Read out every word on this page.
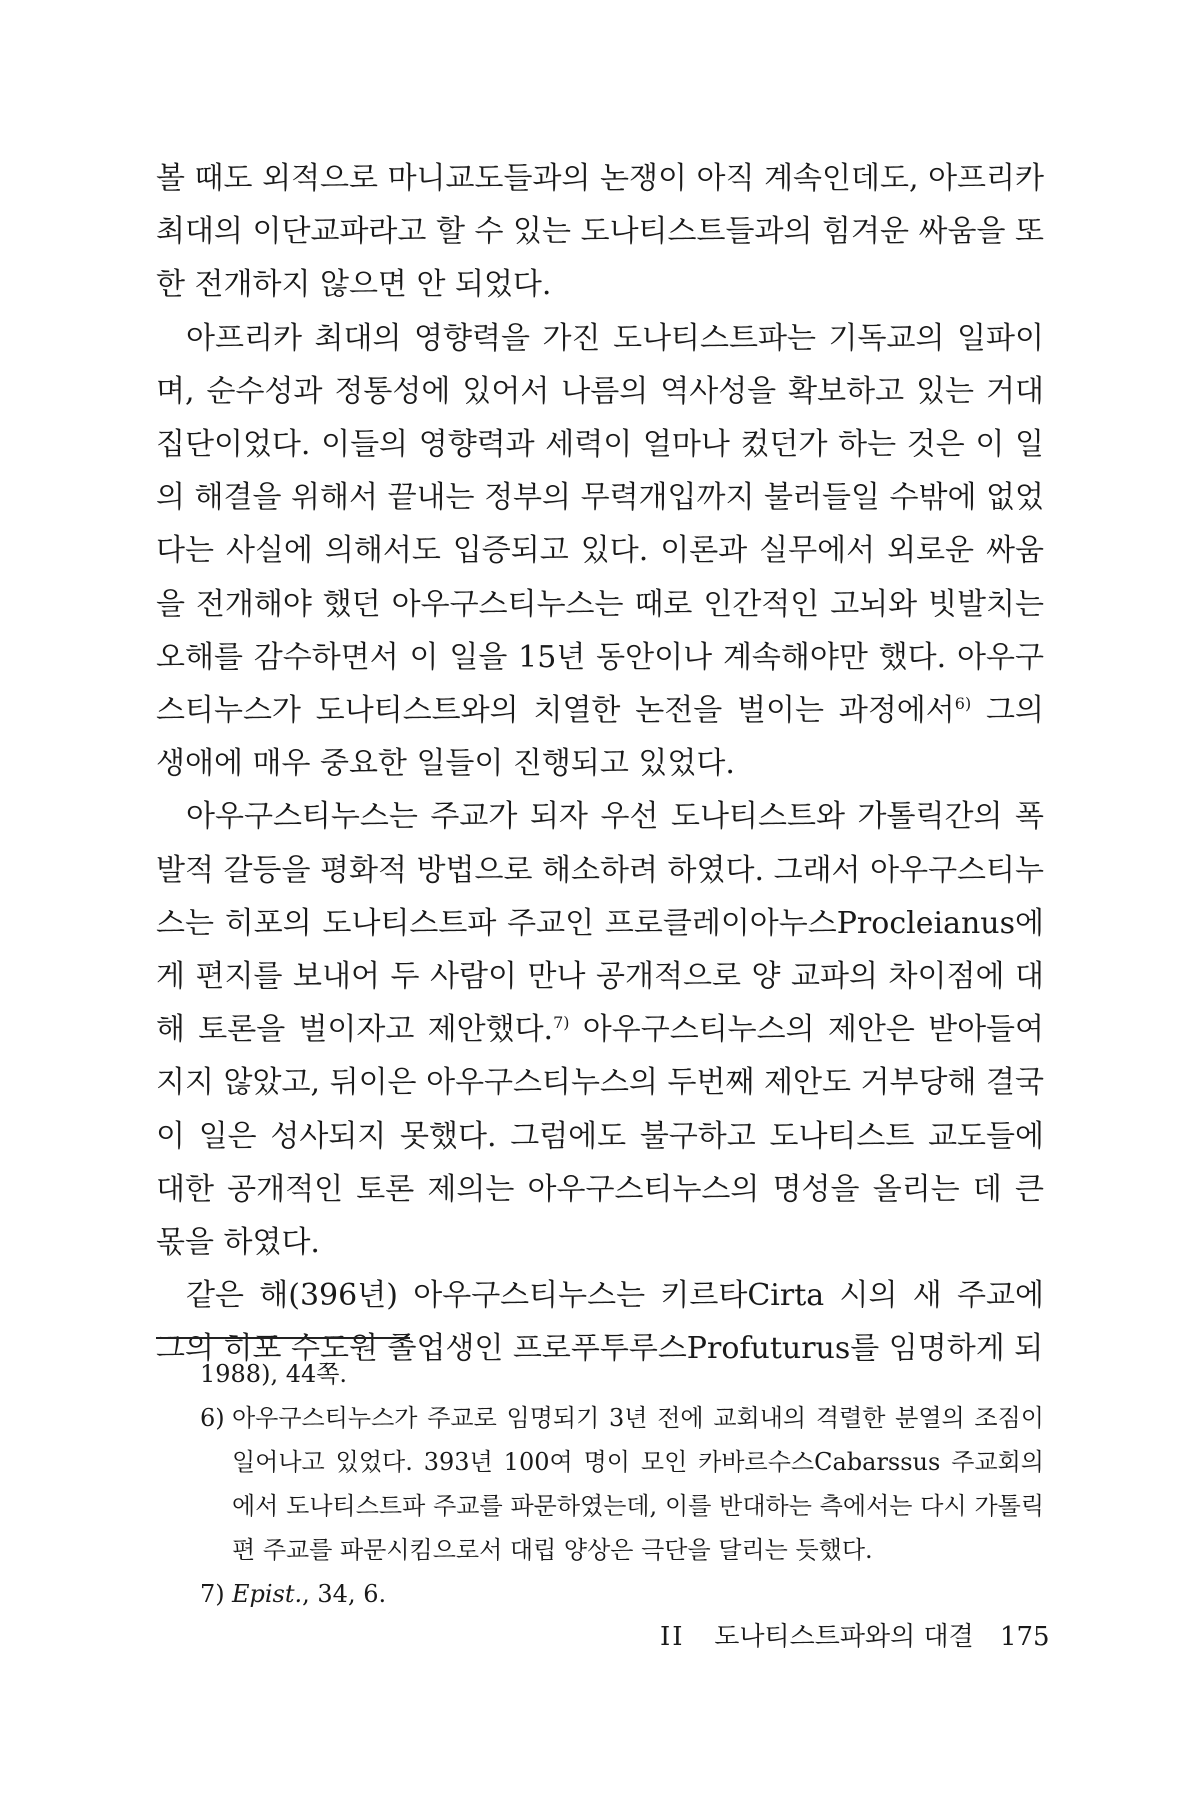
볼 때도 외적으로 마니교도들과의 논쟁이 아직 계속인데도, 아프리카 최대의 이단교파라고 할 수 있는 도나티스트들과의 힘겨운 싸움을 또한 전개하지 않으면 안 되었다.

아프리카 최대의 영향력을 가진 도나티스트파는 기독교의 일파이며, 순수성과 정통성에 있어서 나름의 역사성을 확보하고 있는 거대 집단이었다. 이들의 영향력과 세력이 얼마나 컸던가 하는 것은 이 일의 해결을 위해서 끝내는 정부의 무력개입까지 불러들일 수밖에 없었다는 사실에 의해서도 입증되고 있다. 이론과 실무에서 외로운 싸움을 전개해야 했던 아우구스티누스는 때로 인간적인 고뇌와 빗발치는 오해를 감수하면서 이 일을 15년 동안이나 계속해야만 했다. 아우구스티누스가 도나티스트와의 치열한 논전을 벌이는 과정에서$^{6)}$ 그의 생애에 매우 중요한 일들이 진행되고 있었다.

아우구스티누스는 주교가 되자 우선 도나티스트와 가톨릭간의 폭발적 갈등을 평화적 방법으로 해소하려 하였다. 그래서 아우구스티누스는 히포의 도나티스트파 주교인 프로클레이아누스Procleianus에게 편지를 보내어 두 사람이 만나 공개적으로 양 교파의 차이점에 대해 토론을 벌이자고 제안했다.$^{7)}$ 아우구스티누스의 제안은 받아들여지지 않았고, 뒤이은 아우구스티누스의 두번째 제안도 거부당해 결국 이 일은 성사되지 못했다. 그럼에도 불구하고 도나티스트 교도들에 대한 공개적인 토론 제의는 아우구스티누스의 명성을 올리는 데 큰 몫을 하였다.

같은 해(396년) 아우구스티누스는 키르타Cirta 시의 새 주교에 그의 히포 수도원 졸업생인 프로푸투루스Profuturus를 임명하게 되

1988), 44쪽.

6) 아우구스티누스가 주교로 임명되기 3년 전에 교회내의 격렬한 분열의 조짐이 일어나고 있었다. 393년 100여 명이 모인 카바르수스Cabarssus 주교회의에서 도나티스트파 주교를 파문하였는데, 이를 반대하는 측에서는 다시 가톨릭편 주교를 파문시킴으로서 대립 양상은 극단을 달리는 듯했다.

7) Epist., 34, 6.

II 도나티스트파와의 대결 175
